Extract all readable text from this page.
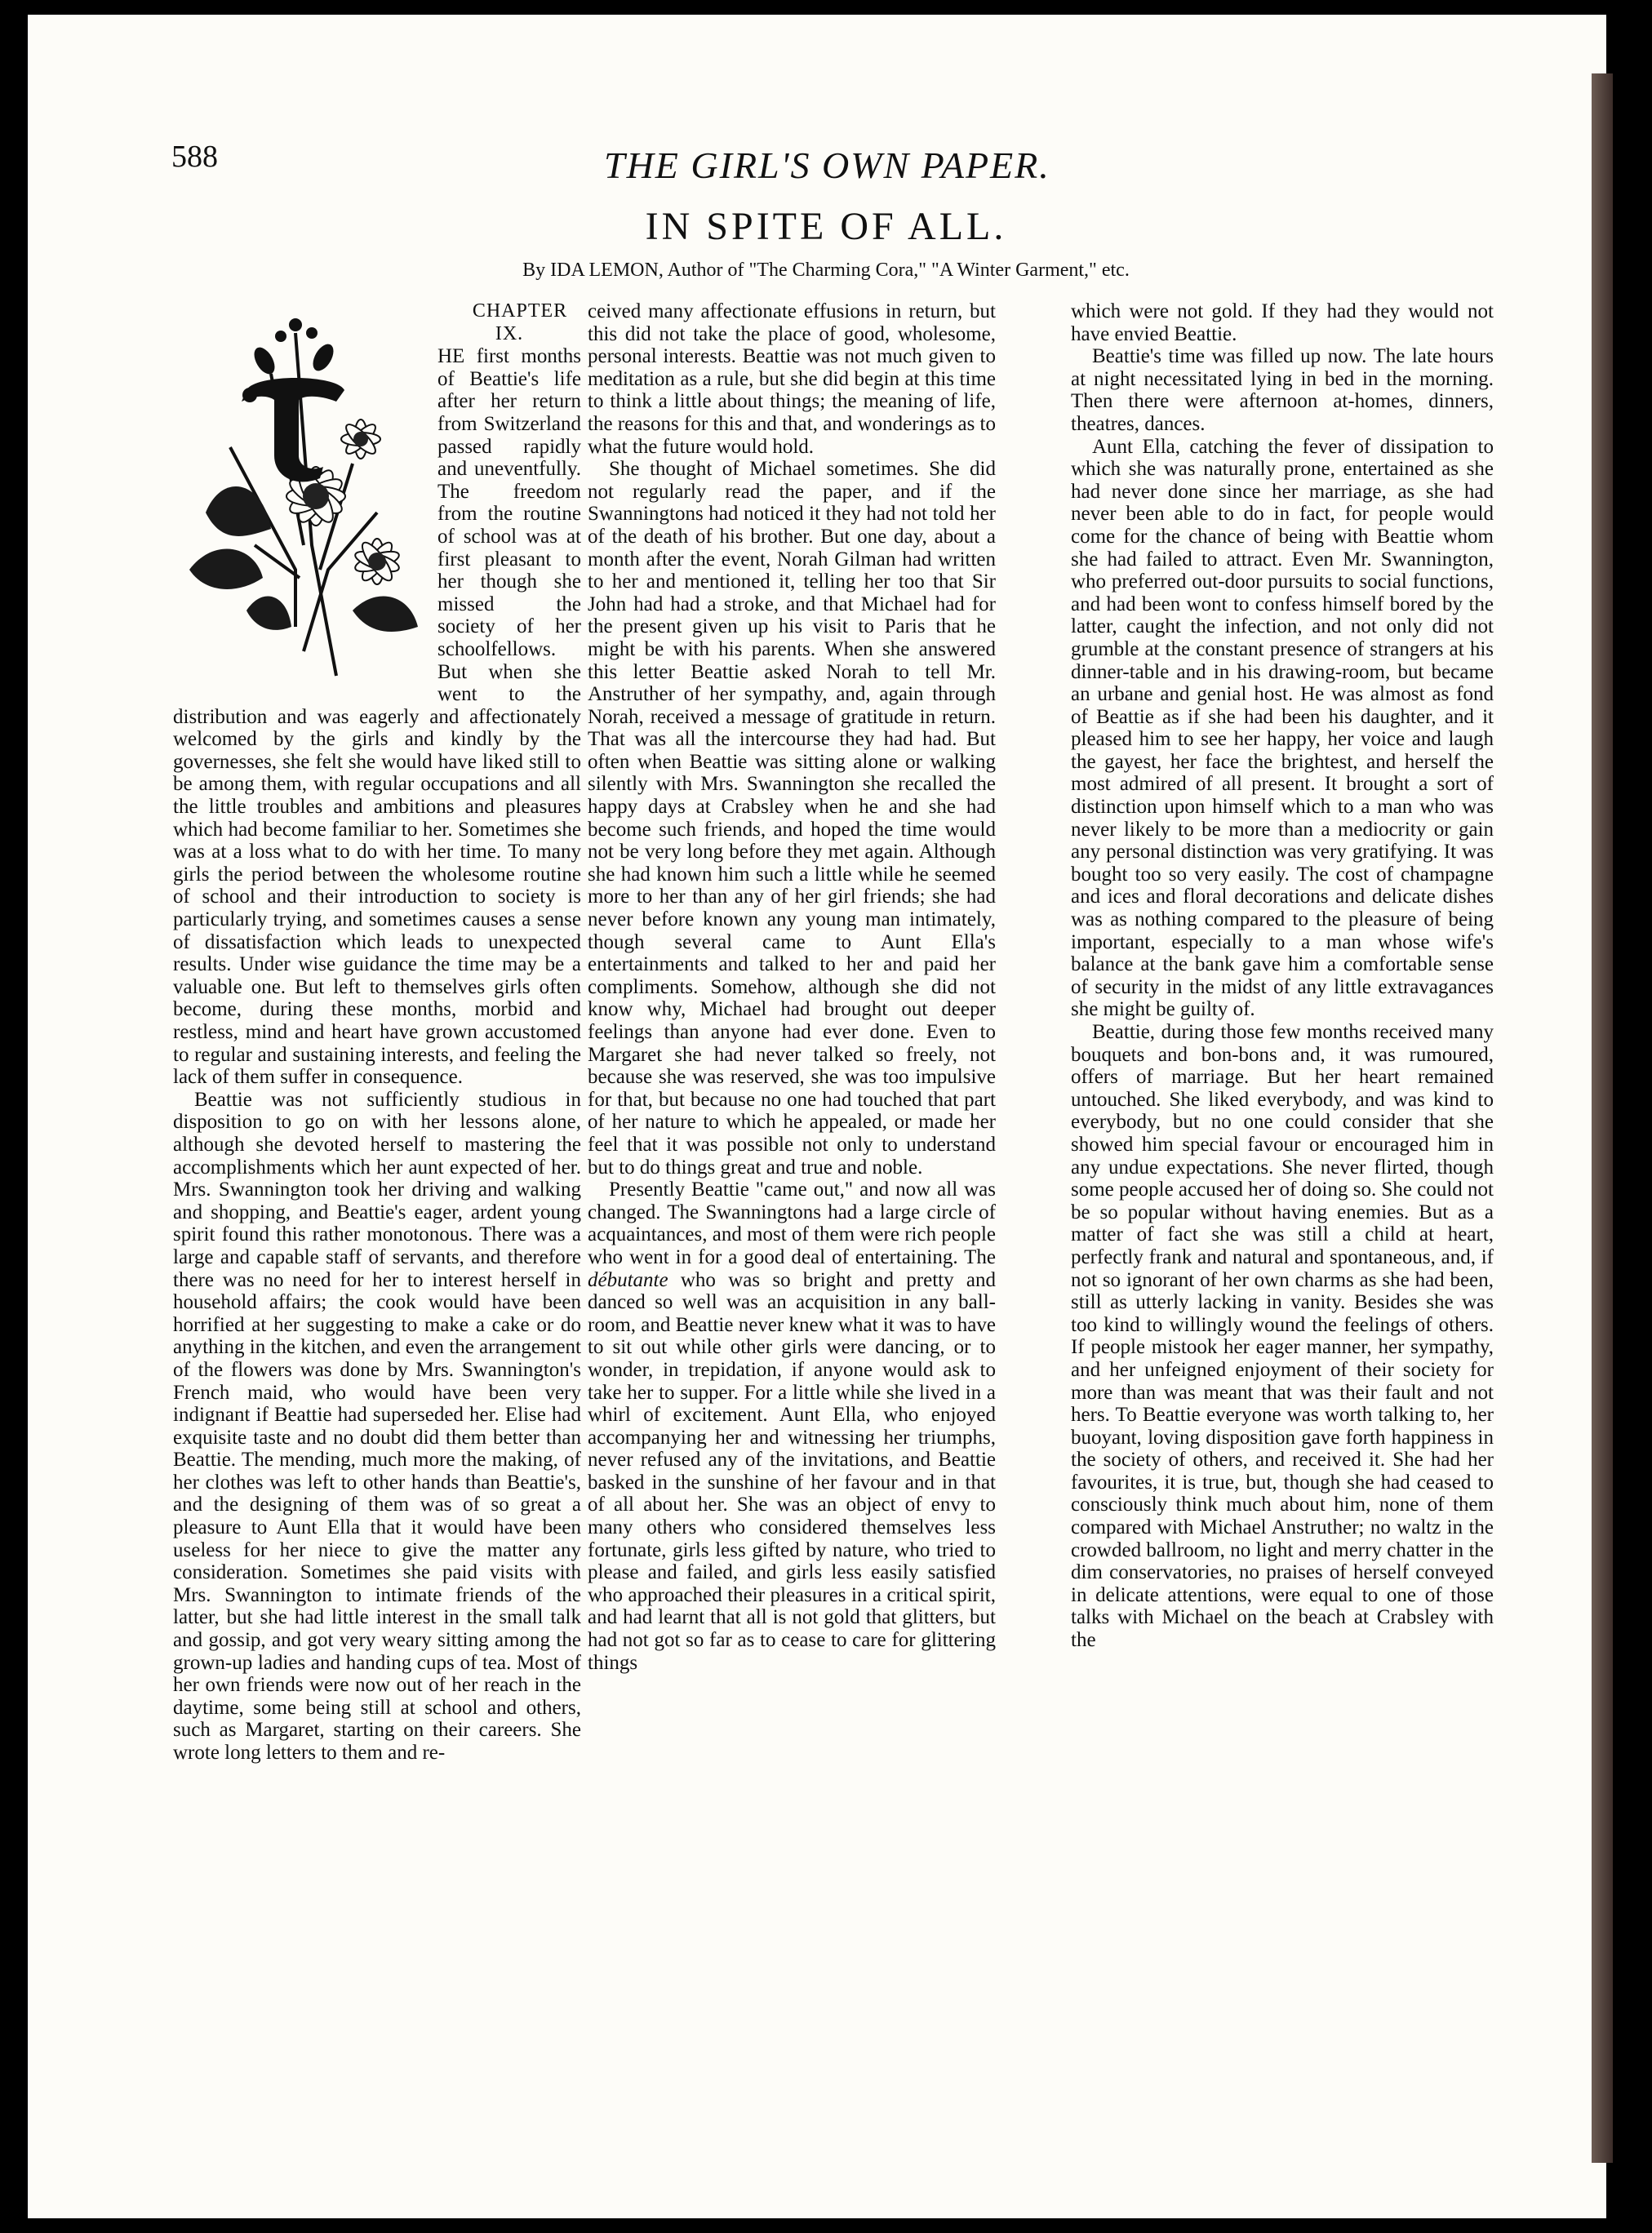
588	THE GIRL'S OWN PAPER.
IN SPITE OF ALL.
By IDA LEMON, Author of "The Charming Cora," "A Winter Garment," etc.

CHAPTER IX.

HE first months of Beattie's life after her return from Switzerland passed rapidly and uneventfully. The freedom from the routine of school was at first pleasant to her though she missed the society of her schoolfellows. But when she went to the distribution and was eagerly and affectionately welcomed by the girls and kindly by the governesses, she felt she would have liked still to be among them, with regular occupations and all the little troubles and ambitions and pleasures which had become familiar to her. Sometimes she was at a loss what to do with her time. To many girls the period between the wholesome routine of school and their introduction to society is particularly trying, and sometimes causes a sense of dissatisfaction which leads to unexpected results. Under wise guidance the time may be a valuable one. But left to themselves girls often become, during these months, morbid and restless, mind and heart have grown accustomed to regular and sustaining interests, and feeling the lack of them suffer in consequence.

Beattie was not sufficiently studious in disposition to go on with her lessons alone, although she devoted herself to mastering the accomplishments which her aunt expected of her. Mrs. Swannington took her driving and walking and shopping, and Beattie's eager, ardent young spirit found this rather monotonous. There was a large and capable staff of servants, and therefore there was no need for her to interest herself in household affairs; the cook would have been horrified at her suggesting to make a cake or do anything in the kitchen, and even the arrangement of the flowers was done by Mrs. Swannington's French maid, who would have been very indignant if Beattie had superseded her. Elise had exquisite taste and no doubt did them better than Beattie. The mending, much more the making, of her clothes was left to other hands than Beattie's, and the designing of them was of so great a pleasure to Aunt Ella that it would have been useless for her niece to give the matter any consideration. Sometimes she paid visits with Mrs. Swannington to intimate friends of the latter, but she had little interest in the small talk and gossip, and got very weary sitting among the grown-up ladies and handing cups of tea. Most of her own friends were now out of her reach in the daytime, some being still at school and others, such as Margaret, starting on their careers. She wrote long letters to them and re-

ceived many affectionate effusions in return, but this did not take the place of good, wholesome, personal interests. Beattie was not much given to meditation as a rule, but she did begin at this time to think a little about things; the meaning of life, the reasons for this and that, and wonderings as to what the future would hold.

She thought of Michael sometimes. She did not regularly read the paper, and if the Swanningtons had noticed it they had not told her of the death of his brother. But one day, about a month after the event, Norah Gilman had written to her and mentioned it, telling her too that Sir John had had a stroke, and that Michael had for the present given up his visit to Paris that he might be with his parents. When she answered this letter Beattie asked Norah to tell Mr. Anstruther of her sympathy, and, again through Norah, received a message of gratitude in return. That was all the intercourse they had had. But often when Beattie was sitting alone or walking silently with Mrs. Swannington she recalled the happy days at Crabsley when he and she had become such friends, and hoped the time would not be very long before they met again. Although she had known him such a little while he seemed more to her than any of her girl friends; she had never before known any young man intimately, though several came to Aunt Ella's entertainments and talked to her and paid her compliments. Somehow, although she did not know why, Michael had brought out deeper feelings than anyone had ever done. Even to Margaret she had never talked so freely, not because she was reserved, she was too impulsive for that, but because no one had touched that part of her nature to which he appealed, or made her feel that it was possible not only to understand but to do things great and true and noble.

Presently Beattie "came out," and now all was changed. The Swanningtons had a large circle of acquaintances, and most of them were rich people who went in for a good deal of entertaining. The débutante who was so bright and pretty and danced so well was an acquisition in any ball-room, and Beattie never knew what it was to have to sit out while other girls were dancing, or to wonder, in trepidation, if anyone would ask to take her to supper. For a little while she lived in a whirl of excitement. Aunt Ella, who enjoyed accompanying her and witnessing her triumphs, never refused any of the invitations, and Beattie basked in the sunshine of her favour and in that of all about her. She was an object of envy to many others who considered themselves less fortunate, girls less gifted by nature, who tried to please and failed, and girls less easily satisfied who approached their pleasures in a critical spirit, and had learnt that all is not gold that glitters, but had not got so far as to cease to care for glittering things

which were not gold. If they had they would not have envied Beattie.

Beattie's time was filled up now. The late hours at night necessitated lying in bed in the morning. Then there were afternoon at-homes, dinners, theatres, dances.

Aunt Ella, catching the fever of dissipation to which she was naturally prone, entertained as she had never done since her marriage, as she had never been able to do in fact, for people would come for the chance of being with Beattie whom she had failed to attract. Even Mr. Swannington, who preferred out-door pursuits to social functions, and had been wont to confess himself bored by the latter, caught the infection, and not only did not grumble at the constant presence of strangers at his dinner-table and in his drawing-room, but became an urbane and genial host. He was almost as fond of Beattie as if she had been his daughter, and it pleased him to see her happy, her voice and laugh the gayest, her face the brightest, and herself the most admired of all present. It brought a sort of distinction upon himself which to a man who was never likely to be more than a mediocrity or gain any personal distinction was very gratifying. It was bought too so very easily. The cost of champagne and ices and floral decorations and delicate dishes was as nothing compared to the pleasure of being important, especially to a man whose wife's balance at the bank gave him a comfortable sense of security in the midst of any little extravagances she might be guilty of.

Beattie, during those few months received many bouquets and bon-bons and, it was rumoured, offers of marriage. But her heart remained untouched. She liked everybody, and was kind to everybody, but no one could consider that she showed him special favour or encouraged him in any undue expectations. She never flirted, though some people accused her of doing so. She could not be so popular without having enemies. But as a matter of fact she was still a child at heart, perfectly frank and natural and spontaneous, and, if not so ignorant of her own charms as she had been, still as utterly lacking in vanity. Besides she was too kind to willingly wound the feelings of others. If people mistook her eager manner, her sympathy, and her unfeigned enjoyment of their society for more than was meant that was their fault and not hers. To Beattie everyone was worth talking to, her buoyant, loving disposition gave forth happiness in the society of others, and received it. She had her favourites, it is true, but, though she had ceased to consciously think much about him, none of them compared with Michael Anstruther; no waltz in the crowded ballroom, no light and merry chatter in the dim conservatories, no praises of herself conveyed in delicate attentions, were equal to one of those talks with Michael on the beach at Crabsley with the
